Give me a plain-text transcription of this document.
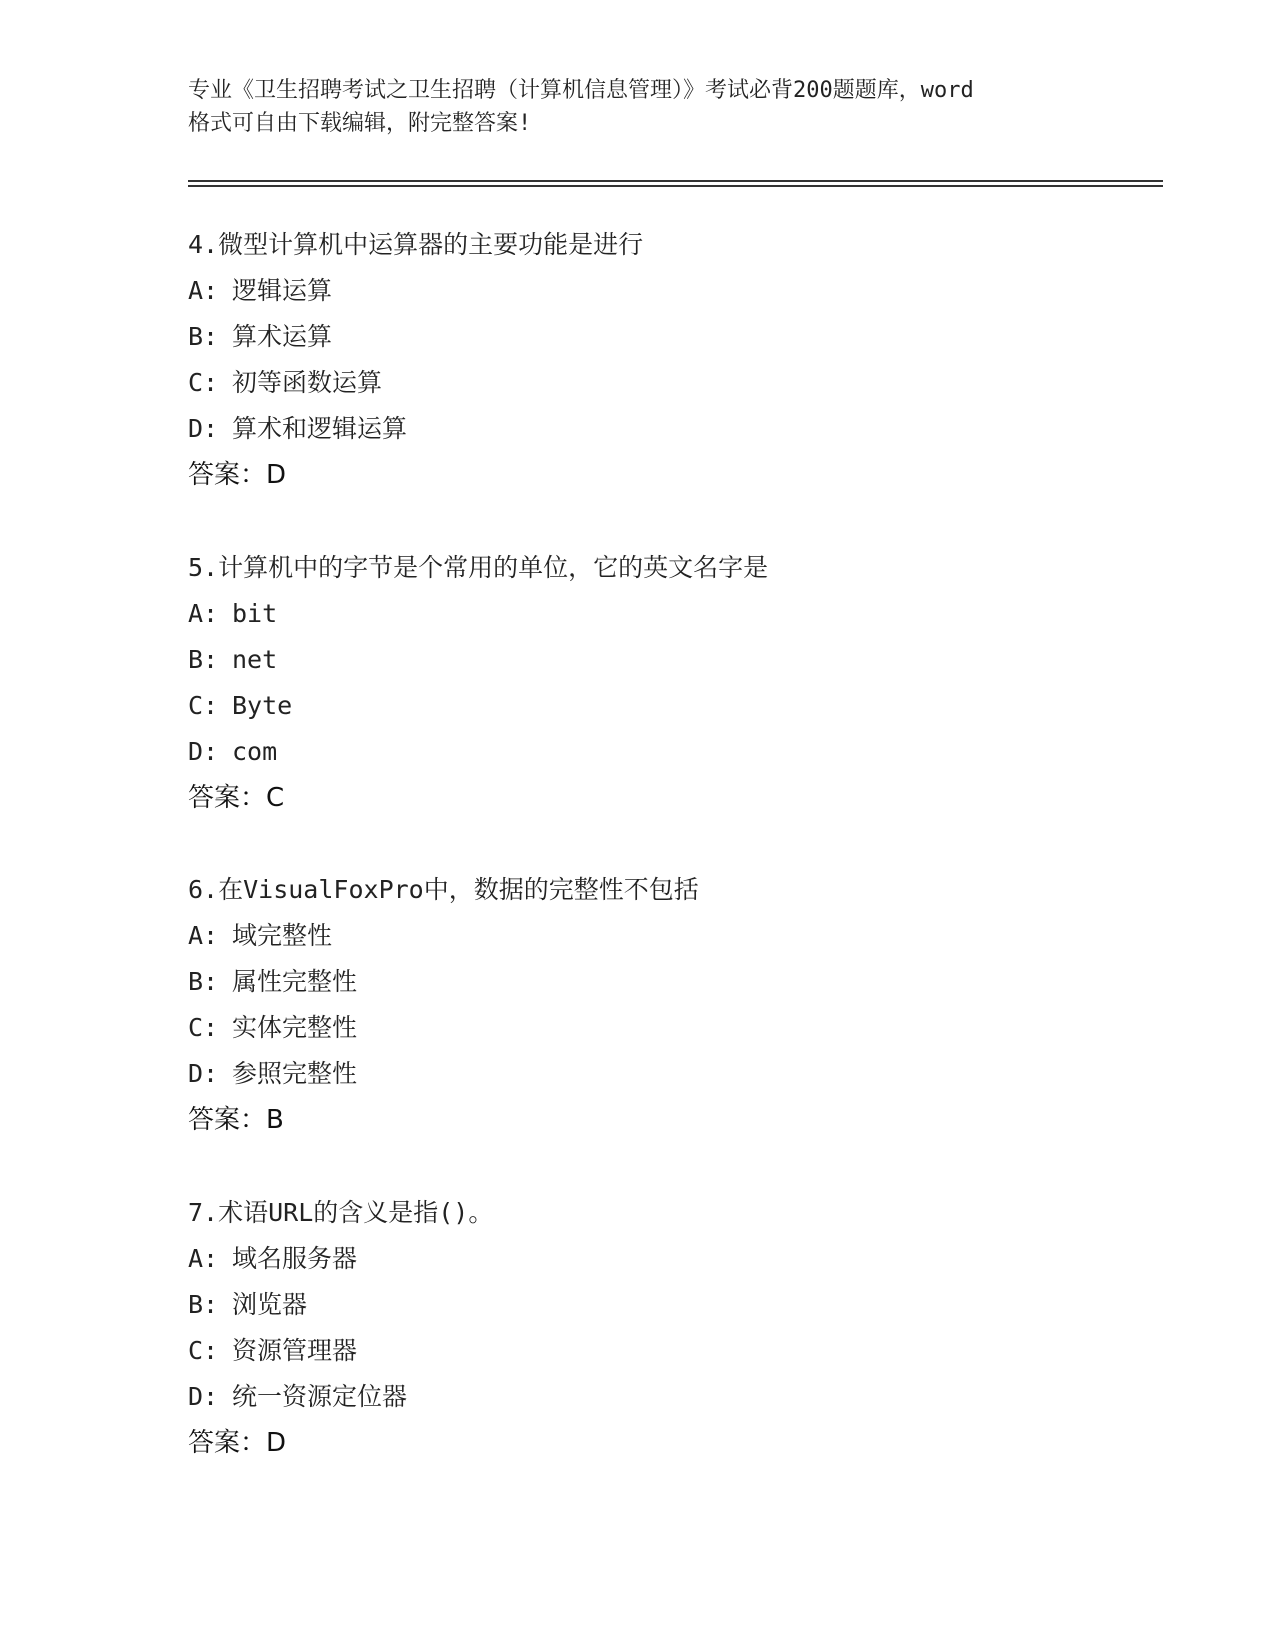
专业《卫生招聘考试之卫生招聘（计算机信息管理）》考试必背200题题库，word
格式可自由下载编辑，附完整答案!
4.微型计算机中运算器的主要功能是进行
A: 逻辑运算
B: 算术运算
C: 初等函数运算
D: 算术和逻辑运算
答案：D
5.计算机中的字节是个常用的单位，它的英文名字是
A: bit
B: net
C: Byte
D: com
答案：C
6.在VisualFoxPro中，数据的完整性不包括
A: 域完整性
B: 属性完整性
C: 实体完整性
D: 参照完整性
答案：B
7.术语URL的含义是指()。
A: 域名服务器
B: 浏览器
C: 资源管理器
D: 统一资源定位器
答案：D
